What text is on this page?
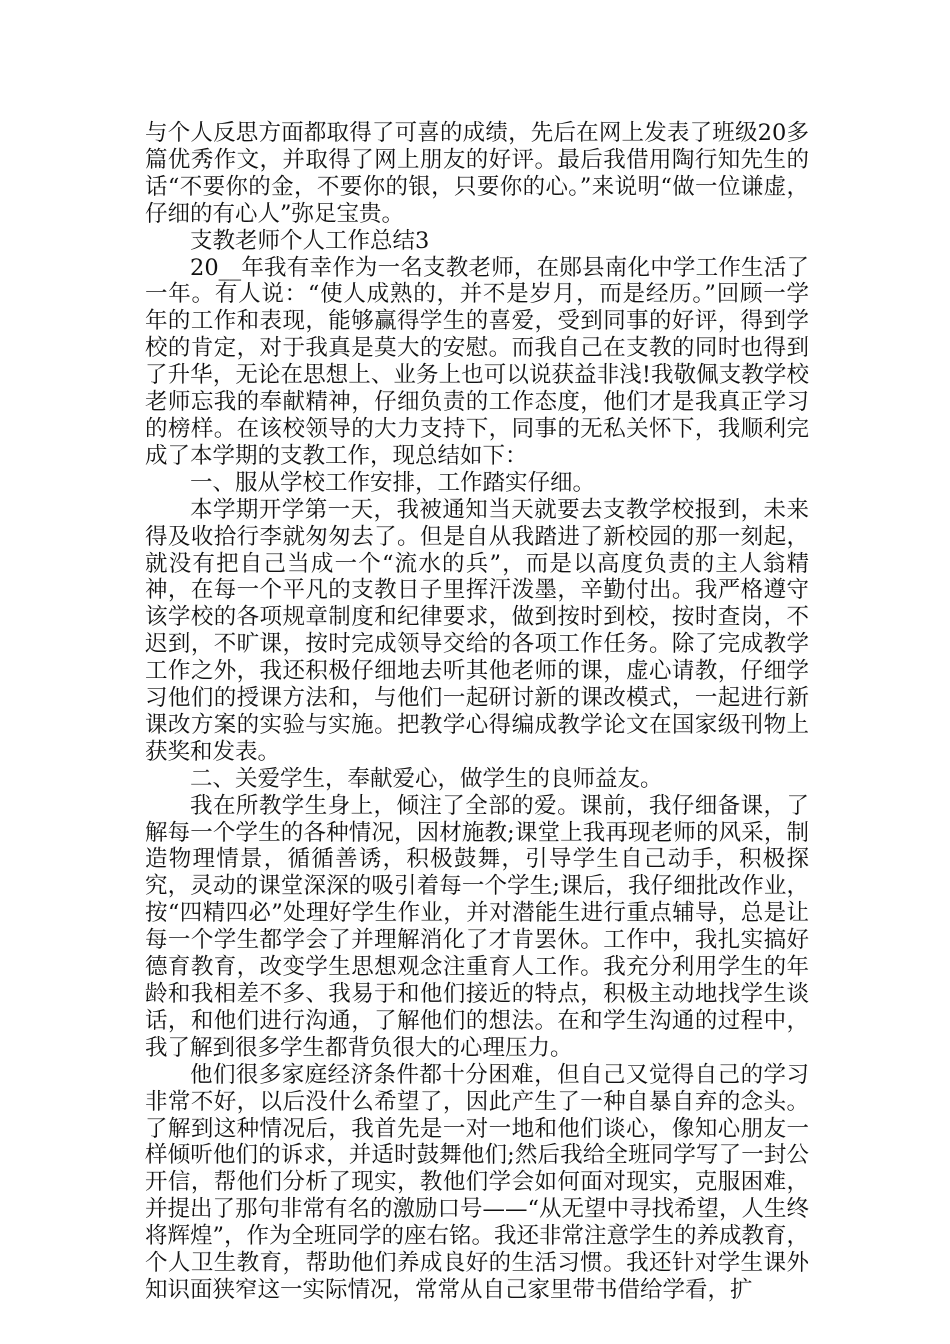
与个人反思方面都取得了可喜的成绩，先后在网上发表了班级20多篇优秀作文，并取得了网上朋友的好评。最后我借用陶行知先生的话“不要你的金，不要你的银，只要你的心。”来说明“做一位谦虚，仔细的有心人”弥足宝贵。

支教老师个人工作总结3

20__年我有幸作为一名支教老师，在郧县南化中学工作生活了一年。有人说：“使人成熟的，并不是岁月，而是经历。”回顾一学年的工作和表现，能够赢得学生的喜爱，受到同事的好评，得到学校的肯定，对于我真是莫大的安慰。而我自己在支教的同时也得到了升华，无论在思想上、业务上也可以说获益非浅!我敬佩支教学校老师忘我的奉献精神，仔细负责的工作态度，他们才是我真正学习的榜样。在该校领导的大力支持下，同事的无私关怀下，我顺利完成了本学期的支教工作，现总结如下：

一、服从学校工作安排，工作踏实仔细。

本学期开学第一天，我被通知当天就要去支教学校报到，未来得及收拾行李就匆匆去了。但是自从我踏进了新校园的那一刻起，就没有把自己当成一个“流水的兵”，而是以高度负责的主人翁精神，在每一个平凡的支教日子里挥汗泼墨，辛勤付出。我严格遵守该学校的各项规章制度和纪律要求，做到按时到校，按时查岗，不迟到，不旷课，按时完成领导交给的各项工作任务。除了完成教学工作之外，我还积极仔细地去听其他老师的课，虚心请教，仔细学习他们的授课方法和，与他们一起研讨新的课改模式，一起进行新课改方案的实验与实施。把教学心得编成教学论文在国家级刊物上获奖和发表。

二、关爱学生，奉献爱心，做学生的良师益友。

我在所教学生身上，倾注了全部的爱。课前，我仔细备课，了解每一个学生的各种情况，因材施教;课堂上我再现老师的风采，制造物理情景，循循善诱，积极鼓舞，引导学生自己动手，积极探究，灵动的课堂深深的吸引着每一个学生;课后，我仔细批改作业，按“四精四必”处理好学生作业，并对潜能生进行重点辅导，总是让每一个学生都学会了并理解消化了才肯罢休。工作中，我扎实搞好德育教育，改变学生思想观念注重育人工作。我充分利用学生的年龄和我相差不多、我易于和他们接近的特点，积极主动地找学生谈话，和他们进行沟通，了解他们的想法。在和学生沟通的过程中，我了解到很多学生都背负很大的心理压力。

他们很多家庭经济条件都十分困难，但自己又觉得自己的学习非常不好，以后没什么希望了，因此产生了一种自暴自弃的念头。了解到这种情况后，我首先是一对一地和他们谈心，像知心朋友一样倾听他们的诉求，并适时鼓舞他们;然后我给全班同学写了一封公开信，帮他们分析了现实，教他们学会如何面对现实，克服困难，并提出了那句非常有名的激励口号——“从无望中寻找希望，人生终将辉煌”，作为全班同学的座右铭。我还非常注意学生的养成教育，个人卫生教育，帮助他们养成良好的生活习惯。我还针对学生课外知识面狭窄这一实际情况，常常从自己家里带书借给学看，扩
